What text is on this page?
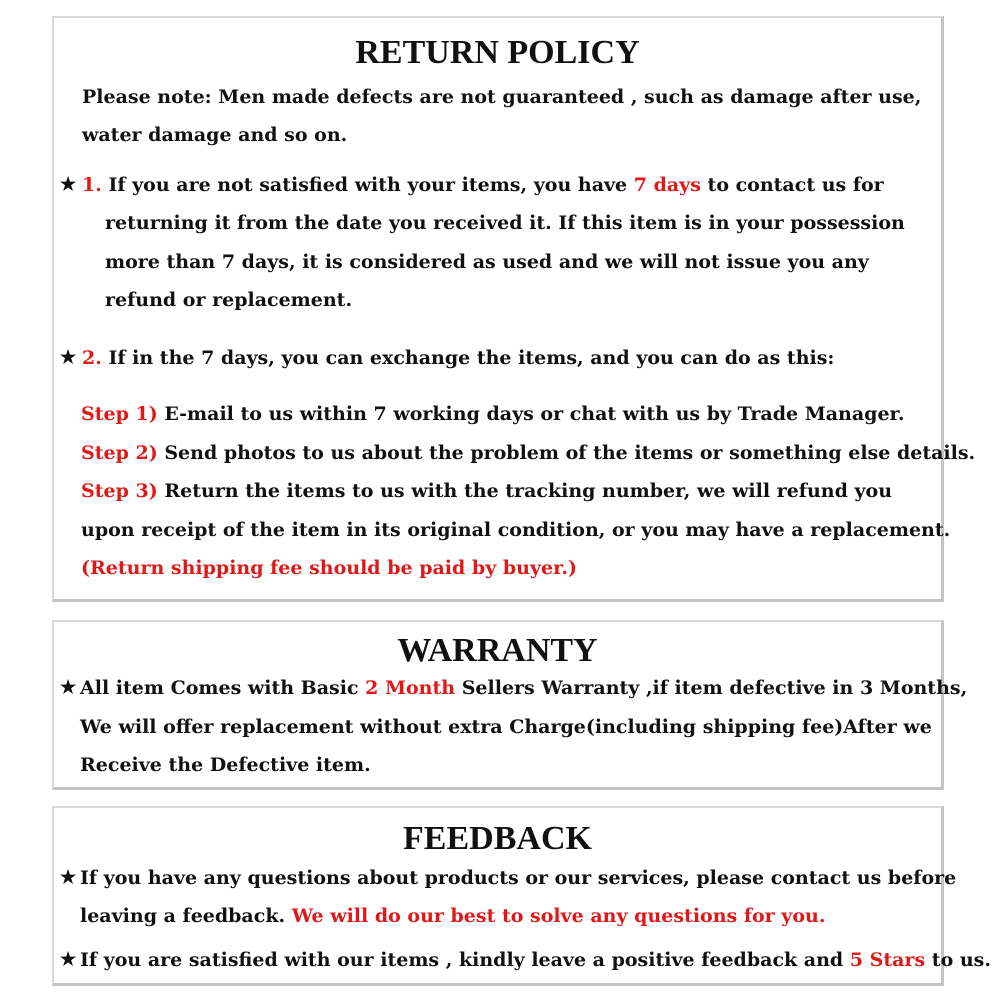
RETURN POLICY
Please note: Men made defects are not guaranteed , such as damage after use,
water damage and so on.
★ 1. If you are not satisfied with your items, you have 7 days to contact us for
returning it from the date you received it. If this item is in your possession
more than 7 days, it is considered as used and we will not issue you any
refund or replacement.
★ 2. If in the 7 days, you can exchange the items, and you can do as this:
Step 1) E-mail to us within 7 working days or chat with us by Trade Manager.
Step 2) Send photos to us about the problem of the items or something else details.
Step 3) Return the items to us with the tracking number, we will refund you
upon receipt of the item in its original condition, or you may have a replacement.
(Return shipping fee should be paid by buyer.)
WARRANTY
★ All item Comes with Basic 2 Month Sellers Warranty ,if item defective in 3 Months,
We will offer replacement without extra Charge(including shipping fee)After we
Receive the Defective item.
FEEDBACK
★ If you have any questions about products or our services, please contact us before
leaving a feedback. We will do our best to solve any questions for you.
★ If you are satisfied with our items , kindly leave a positive feedback and 5 Stars to us.
